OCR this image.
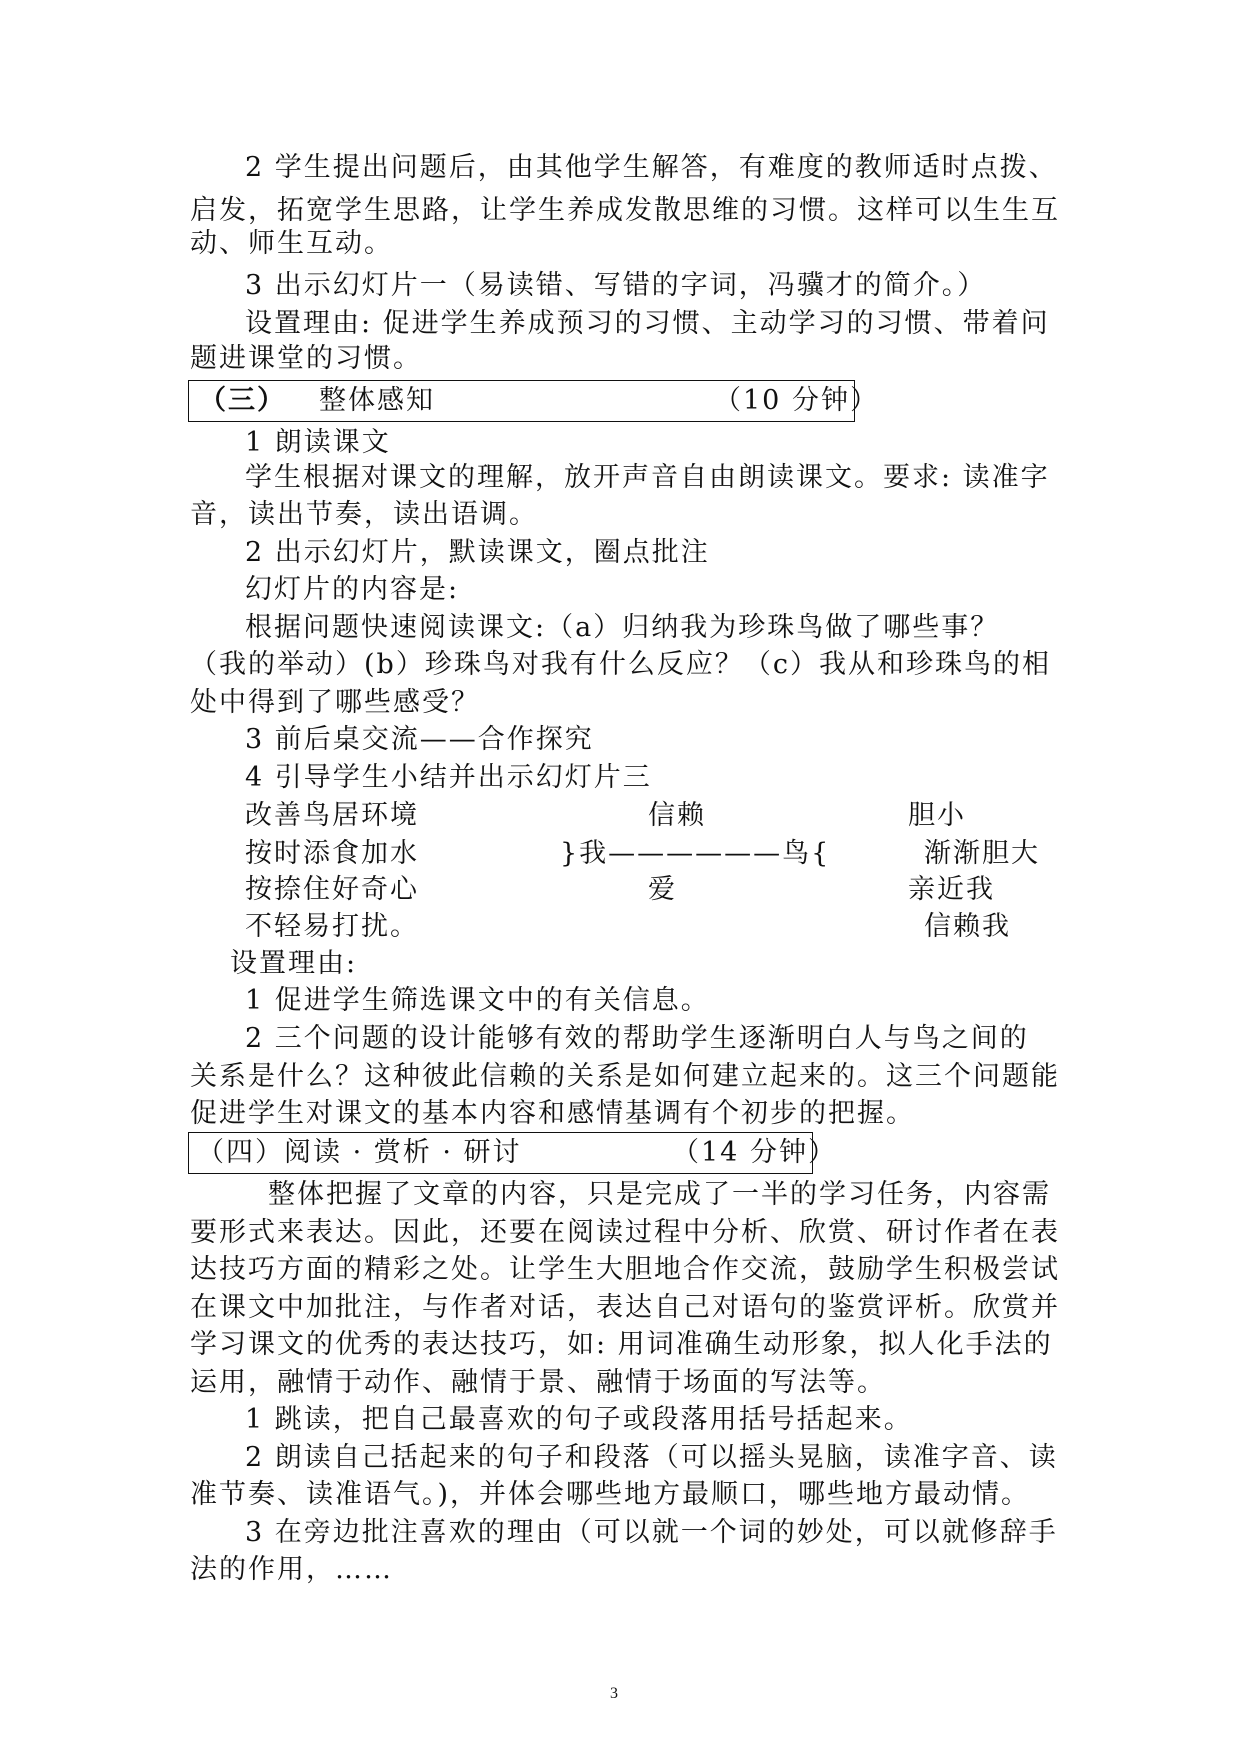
2 学生提出问题后，由其他学生解答，有难度的教师适时点拨、
启发，拓宽学生思路，让学生养成发散思维的习惯。这样可以生生互
动、师生互动。
3 出示幻灯片一（易读错、写错的字词，冯骥才的简介。）
设置理由: 促进学生养成预习的习惯、主动学习的习惯、带着问
题进课堂的习惯。
（三） 整体感知	（10 分钟）
1 朗读课文
学生根据对课文的理解，放开声音自由朗读课文。要求: 读准字
音，读出节奏，读出语调。
2 出示幻灯片，默读课文，圈点批注
幻灯片的内容是:
根据问题快速阅读课文:（a）归纳我为珍珠鸟做了哪些事？
（我的举动）(b）珍珠鸟对我有什么反应？（c）我从和珍珠鸟的相
处中得到了哪些感受？
3 前后桌交流——合作探究
4 引导学生小结并出示幻灯片三
改善鸟居环境
按时添食加水
按捺住好奇心
不轻易打扰。
信赖
}我——————鸟{
爱
胆小
渐渐胆大
亲近我
信赖我
设置理由:
1 促进学生筛选课文中的有关信息。
2 三个问题的设计能够有效的帮助学生逐渐明白人与鸟之间的
关系是什么？这种彼此信赖的关系是如何建立起来的。这三个问题能
促进学生对课文的基本内容和感情基调有个初步的把握。
（四）阅读 · 赏析 · 研讨	（14 分钟）
整体把握了文章的内容，只是完成了一半的学习任务，内容需
要形式来表达。因此，还要在阅读过程中分析、欣赏、研讨作者在表
达技巧方面的精彩之处。让学生大胆地合作交流，鼓励学生积极尝试
在课文中加批注，与作者对话，表达自己对语句的鉴赏评析。欣赏并
学习课文的优秀的表达技巧，如: 用词准确生动形象，拟人化手法的
运用，融情于动作、融情于景、融情于场面的写法等。
1 跳读，把自己最喜欢的句子或段落用括号括起来。
2 朗读自己括起来的句子和段落（可以摇头晃脑，读准字音、读
准节奏、读准语气。)，并体会哪些地方最顺口，哪些地方最动情。
3 在旁边批注喜欢的理由（可以就一个词的妙处，可以就修辞手
法的作用，……
3
